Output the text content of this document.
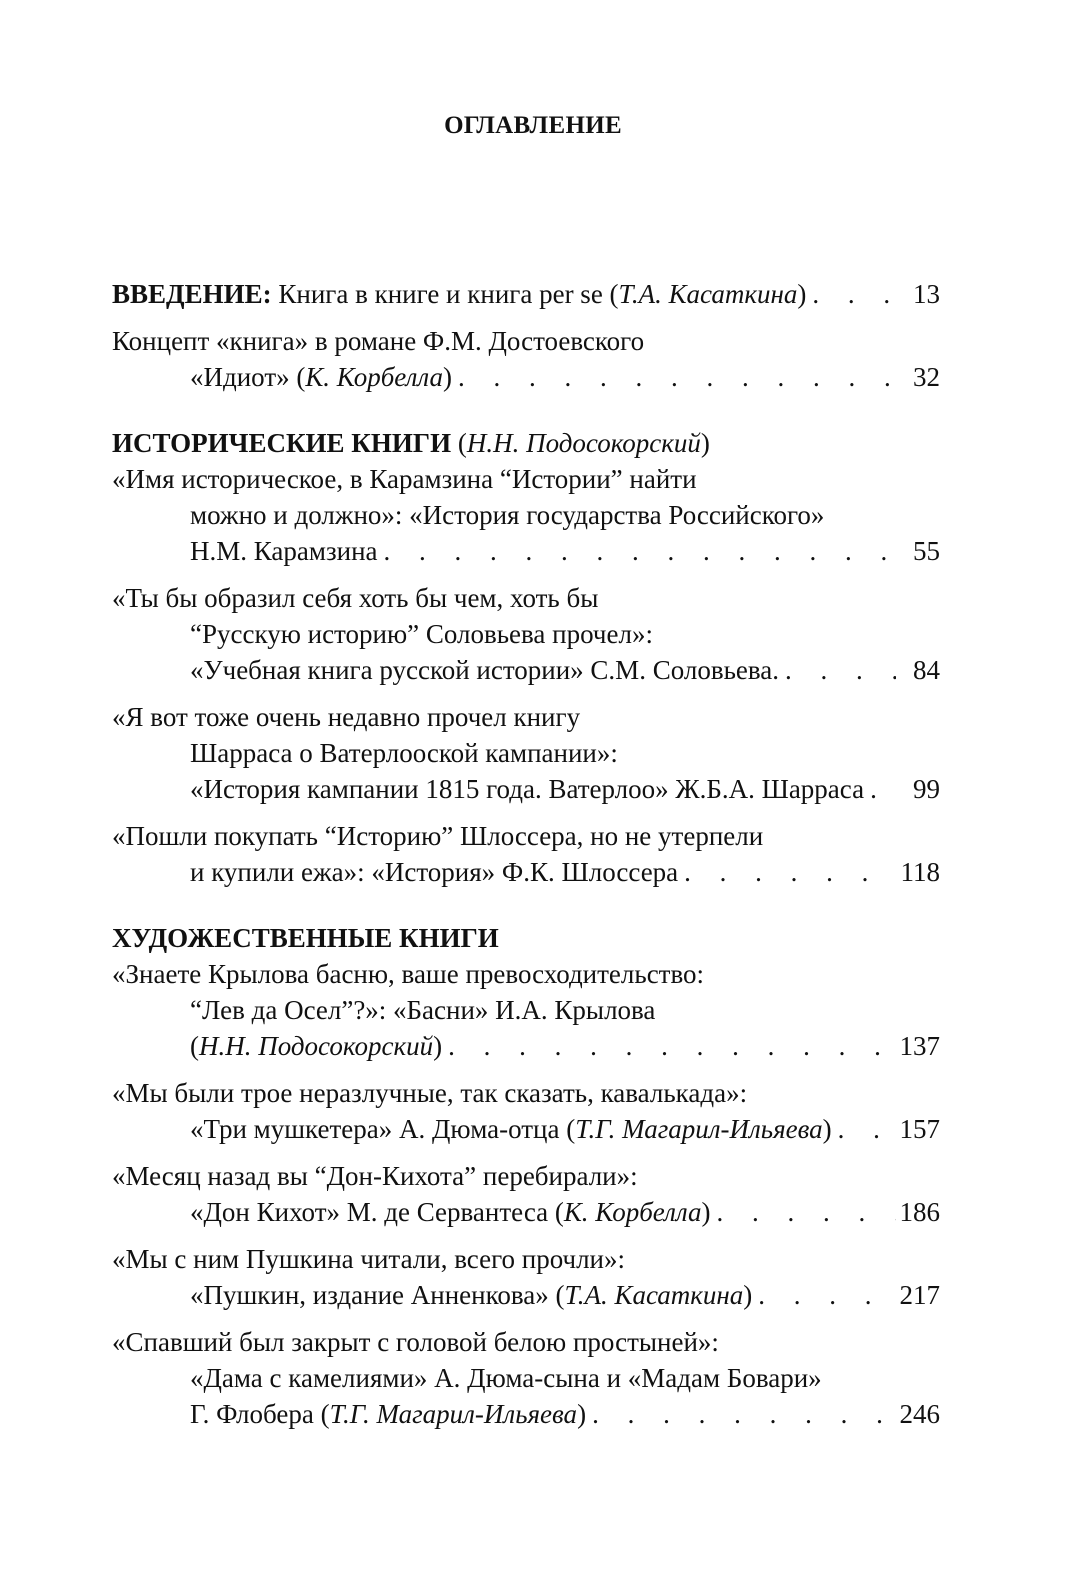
ОГЛАВЛЕНИЕ
ВВЕДЕНИЕ: Книга в книге и книга per se (Т.А. Касаткина) . . .	13
Концепт «книга» в романе Ф.М. Достоевского
«Идиот» (К. Корбелла) . . .	32
ИСТОРИЧЕСКИЕ КНИГИ (Н.Н. Подосокорский)
«Имя историческое, в Карамзина “Истории” найти
можно и должно»: «История государства Российского»
Н.М. Карамзина . . .	55
«Ты бы образил себя хоть бы чем, хоть бы
“Русскую историю” Соловьева прочел»:
«Учебная книга русской истории» С.М. Соловьева. . . .	84
«Я вот тоже очень недавно прочел книгу
Шарраса о Ватерлооской кампании»:
«История кампании 1815 года. Ватерлоо» Ж.Б.А. Шарраса . . .	99
«Пошли покупать “Историю” Шлоссера, но не утерпели
и купили ежа»: «История» Ф.К. Шлоссера . . .	118
ХУДОЖЕСТВЕННЫЕ КНИГИ
«Знаете Крылова басню, ваше превосходительство:
“Лев да Осел”?»: «Басни» И.А. Крылова
(Н.Н. Подосокорский) . . .	137
«Мы были трое неразлучные, так сказать, кавалькада»:
«Три мушкетера» А. Дюма-отца (Т.Г. Магарил-Ильяева) . . .	157
«Месяц назад вы “Дон-Кихота” перебирали»:
«Дон Кихот» М. де Сервантеса (К. Корбелла) . . .	186
«Мы с ним Пушкина читали, всего прочли»:
«Пушкин, издание Анненкова» (Т.А. Касаткина) . . .	217
«Спавший был закрыт с головой белою простыней»:
«Дама с камелиями» А. Дюма-сына и «Мадам Бовари»
Г. Флобера (Т.Г. Магарил-Ильяева) . . .	246
